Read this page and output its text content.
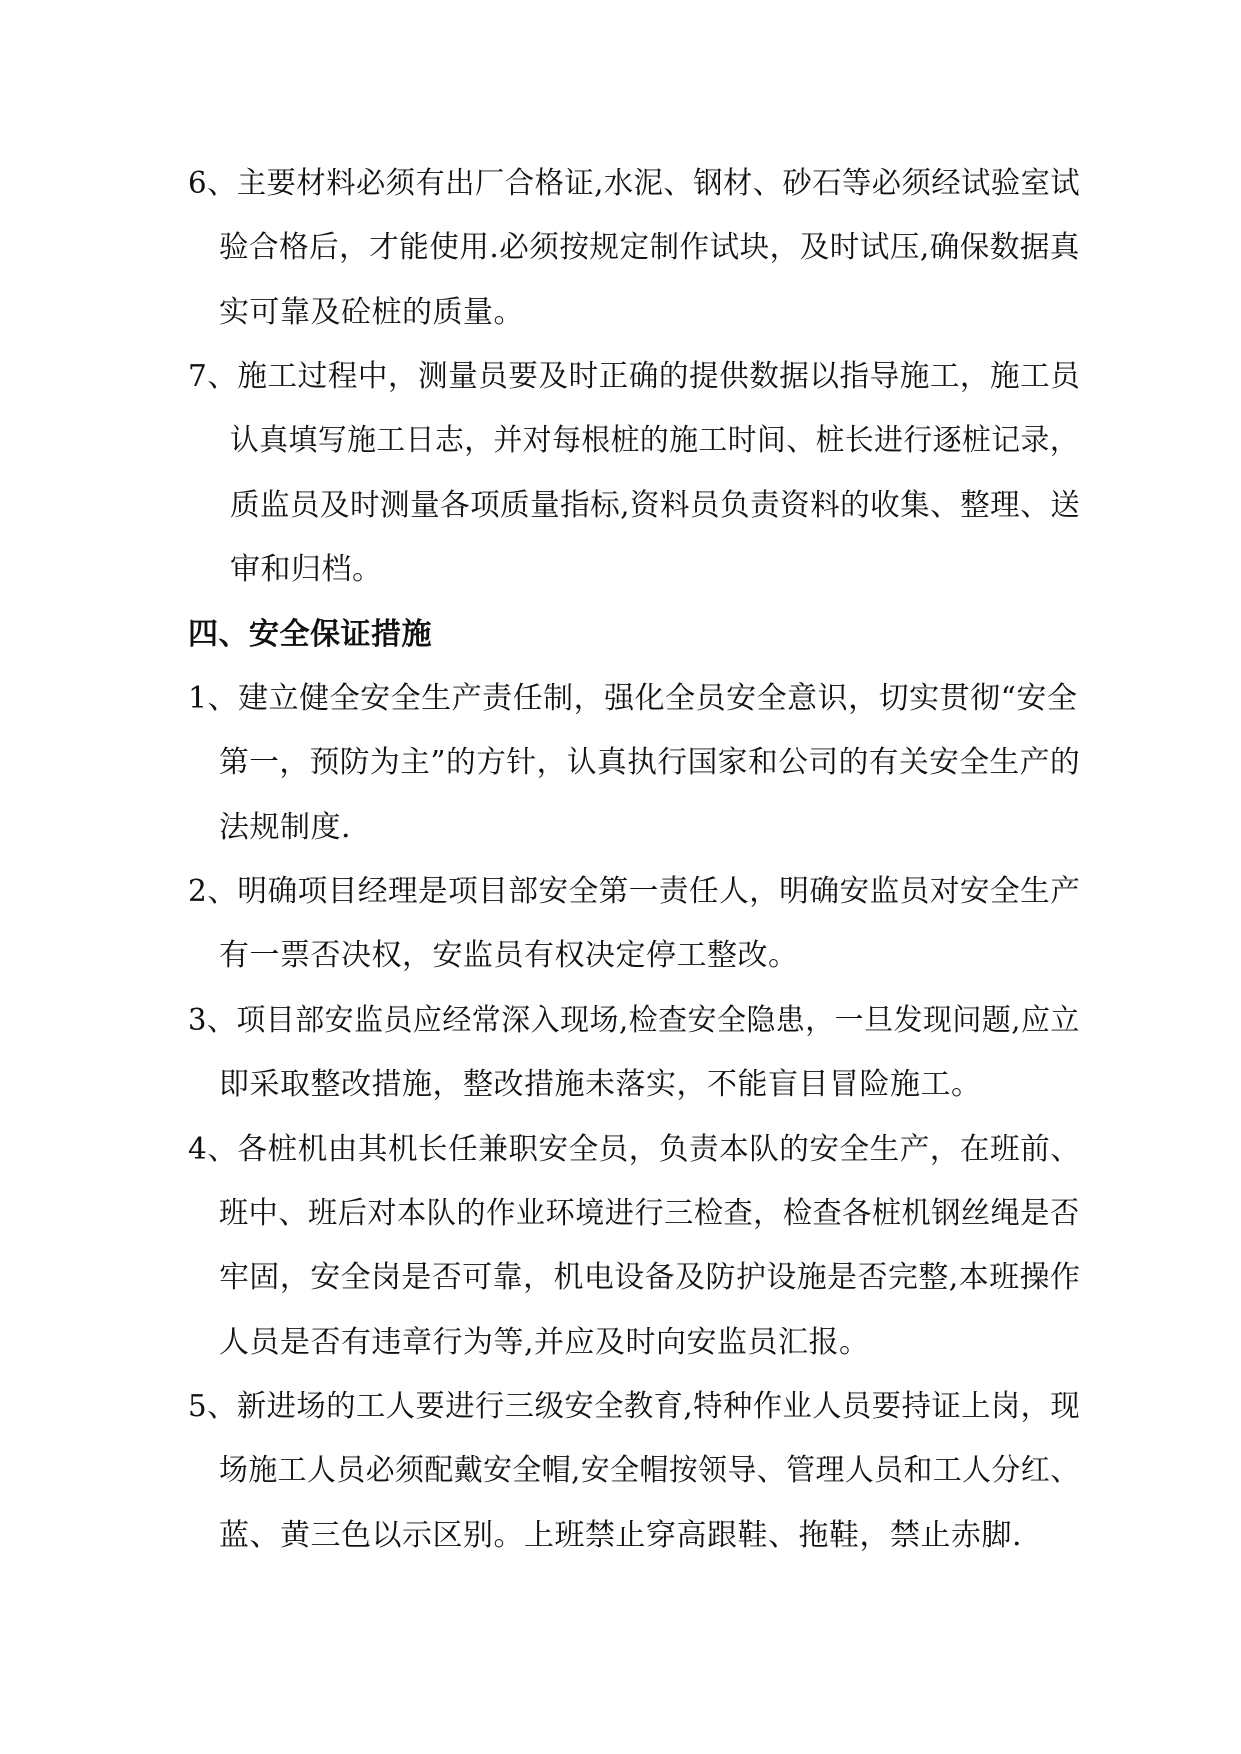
6、主要材料必须有出厂合格证,水泥、钢材、砂石等必须经试验室试
验合格后，才能使用.必须按规定制作试块，及时试压,确保数据真
实可靠及砼桩的质量。
7、施工过程中，测量员要及时正确的提供数据以指导施工，施工员
认真填写施工日志，并对每根桩的施工时间、桩长进行逐桩记录，
质监员及时测量各项质量指标,资料员负责资料的收集、整理、送
审和归档。
四、安全保证措施
1、建立健全安全生产责任制，强化全员安全意识，切实贯彻“安全
第一，预防为主”的方针，认真执行国家和公司的有关安全生产的
法规制度.
2、明确项目经理是项目部安全第一责任人，明确安监员对安全生产
有一票否决权，安监员有权决定停工整改。
3、项目部安监员应经常深入现场,检查安全隐患，一旦发现问题,应立
即采取整改措施，整改措施未落实，不能盲目冒险施工。
4、各桩机由其机长任兼职安全员，负责本队的安全生产，在班前、
班中、班后对本队的作业环境进行三检查，检查各桩机钢丝绳是否
牢固，安全岗是否可靠，机电设备及防护设施是否完整,本班操作
人员是否有违章行为等,并应及时向安监员汇报。
5、新进场的工人要进行三级安全教育,特种作业人员要持证上岗，现
场施工人员必须配戴安全帽,安全帽按领导、管理人员和工人分红、
蓝、黄三色以示区别。上班禁止穿高跟鞋、拖鞋，禁止赤脚.
